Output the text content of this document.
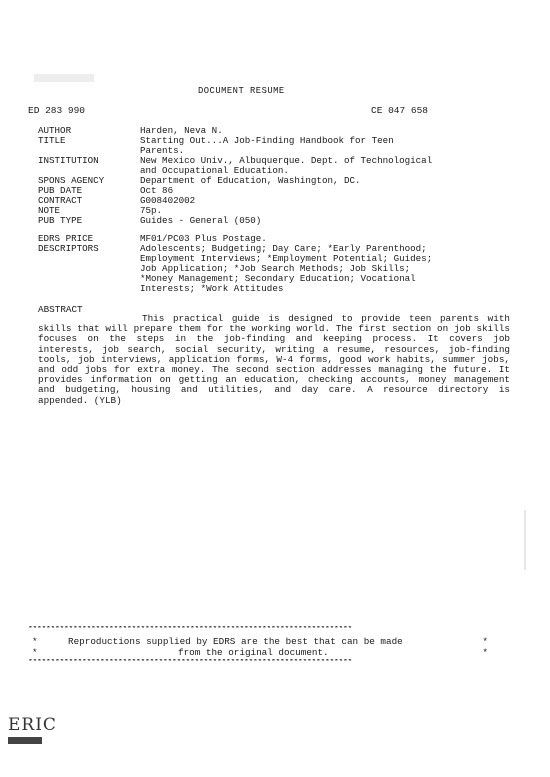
DOCUMENT RESUME
ED 283 990	CE 047 658
AUTHOR	Harden, Neva N.
TITLE	Starting Out...A Job-Finding Handbook for Teen
Parents.
INSTITUTION	New Mexico Univ., Albuquerque. Dept. of Technological
and Occupational Education.
SPONS AGENCY	Department of Education, Washington, DC.
PUB DATE	Oct 86
CONTRACT	G008402002
NOTE	75p.
PUB TYPE	Guides - General (050)
EDRS PRICE	MF01/PC03 Plus Postage.
DESCRIPTORS	Adolescents; Budgeting; Day Care; *Early Parenthood;
Employment Interviews; *Employment Potential; Guides;
Job Application; *Job Search Methods; Job Skills;
*Money Management; Secondary Education; Vocational
Interests; *Work Attitudes
ABSTRACT
This practical guide is designed to provide teen parents with skills that will prepare them for the working world. The first section on job skills focuses on the steps in the job-finding and keeping process. It covers job interests, job search, social security, writing a resume, resources, job-finding tools, job interviews, application forms, W-4 forms, good work habits, summer jobs, and odd jobs for extra money. The second section addresses managing the future. It provides information on getting an education, checking accounts, money management and budgeting, housing and utilities, and day care. A resource directory is appended. (YLB)
************************************************************************
*	Reproductions supplied by EDRS are the best that can be made	*
*	from the original document.	*
************************************************************************
ERIC
